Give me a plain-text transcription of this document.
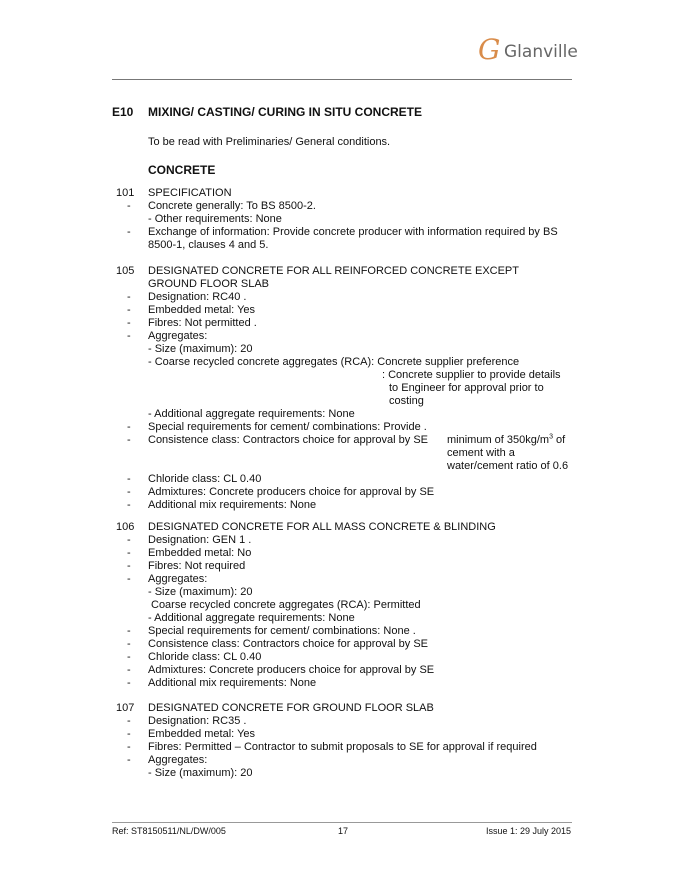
G Glanville
E10 MIXING/ CASTING/ CURING IN SITU CONCRETE
To be read with Preliminaries/ General conditions.
CONCRETE
101 SPECIFICATION
- Concrete generally: To BS 8500-2.
- Other requirements: None
- Exchange of information: Provide concrete producer with information required by BS
8500-1, clauses 4 and 5.
105 DESIGNATED CONCRETE FOR ALL REINFORCED CONCRETE EXCEPT
GROUND FLOOR SLAB
- Designation: RC40 .
- Embedded metal: Yes
- Fibres: Not permitted .
- Aggregates:
- Size (maximum): 20
- Coarse recycled concrete aggregates (RCA): Concrete supplier preference
: Concrete supplier to provide details
to Engineer for approval prior to
costing
- Additional aggregate requirements: None
- Special requirements for cement/ combinations: Provide .
- Consistence class: Contractors choice for approval by SE minimum of $350kg/m^3$ of
cement with a
water/cement ratio of 0.6
- Chloride class: CL 0.40
- Admixtures: Concrete producers choice for approval by SE
- Additional mix requirements: None
106 DESIGNATED CONCRETE FOR ALL MASS CONCRETE & BLINDING
- Designation: GEN 1 .
- Embedded metal: No
- Fibres: Not required
- Aggregates:
- Size (maximum): 20
Coarse recycled concrete aggregates (RCA): Permitted
- Additional aggregate requirements: None
- Special requirements for cement/ combinations: None .
- Consistence class: Contractors choice for approval by SE
- Chloride class: CL 0.40
- Admixtures: Concrete producers choice for approval by SE
- Additional mix requirements: None
107 DESIGNATED CONCRETE FOR GROUND FLOOR SLAB
- Designation: RC35 .
- Embedded metal: Yes
- Fibres: Permitted – Contractor to submit proposals to SE for approval if required
- Aggregates:
- Size (maximum): 20
Ref: ST8150511/NL/DW/005	17	Issue 1: 29 July 2015
